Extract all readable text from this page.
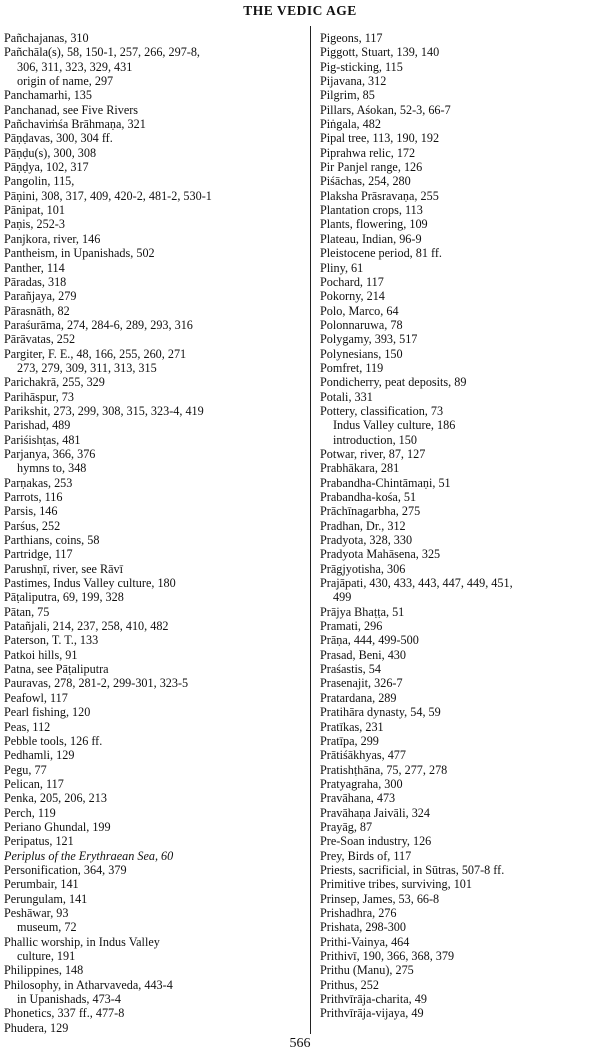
THE VEDIC AGE
Pañchajanas, 310
Pañchāla(s), 58, 150-1, 257, 266, 297-8,
306, 311, 323, 329, 431
origin of name, 297
Panchamarhi, 135
Panchanad, see Five Rivers
Pañchaviṁśa Brāhmaṇa, 321
Pāṇḍavas, 300, 304 ff.
Pāṇḍu(s), 300, 308
Pāṇḍya, 102, 317
Pangolin, 115,
Pāṇini, 308, 317, 409, 420-2, 481-2, 530-1
Pānipat, 101
Paṇis, 252-3
Panjkora, river, 146
Pantheism, in Upanishads, 502
Panther, 114
Pāradas, 318
Parañjaya, 279
Pārasnāth, 82
Paraśurāma, 274, 284-6, 289, 293, 316
Pārāvatas, 252
Pargiter, F. E., 48, 166, 255, 260, 271
273, 279, 309, 311, 313, 315
Parichakrā, 255, 329
Parihāspur, 73
Parikshit, 273, 299, 308, 315, 323-4, 419
Parishad, 489
Pariśishṭas, 481
Parjanya, 366, 376
hymns to, 348
Parṇakas, 253
Parrots, 116
Parsis, 146
Parśus, 252
Parthians, coins, 58
Partridge, 117
Parushṇī, river, see Rāvī
Pastimes, Indus Valley culture, 180
Pāṭaliputra, 69, 199, 328
Pātan, 75
Patañjali, 214, 237, 258, 410, 482
Paterson, T. T., 133
Patkoi hills, 91
Patna, see Pāṭaliputra
Pauravas, 278, 281-2, 299-301, 323-5
Peafowl, 117
Pearl fishing, 120
Peas, 112
Pebble tools, 126 ff.
Pedhamli, 129
Pegu, 77
Pelican, 117
Penka, 205, 206, 213
Perch, 119
Periano Ghundal, 199
Peripatus, 121
Periplus of the Erythraean Sea, 60
Personification, 364, 379
Perumbair, 141
Perungulam, 141
Peshāwar, 93
museum, 72
Phallic worship, in Indus Valley
culture, 191
Philippines, 148
Philosophy, in Atharvaveda, 443-4
in Upanishads, 473-4
Phonetics, 337 ff., 477-8
Phudera, 129
Pigeons, 117
Piggott, Stuart, 139, 140
Pig-sticking, 115
Pijavana, 312
Pilgrim, 85
Pillars, Aśokan, 52-3, 66-7
Piṅgala, 482
Pipal tree, 113, 190, 192
Piprahwa relic, 172
Pir Panjel range, 126
Piśāchas, 254, 280
Plaksha Prāsravaṇa, 255
Plantation crops, 113
Plants, flowering, 109
Plateau, Indian, 96-9
Pleistocene period, 81 ff.
Pliny, 61
Pochard, 117
Pokorny, 214
Polo, Marco, 64
Polonnaruwa, 78
Polygamy, 393, 517
Polynesians, 150
Pomfret, 119
Pondicherry, peat deposits, 89
Potali, 331
Pottery, classification, 73
Indus Valley culture, 186
introduction, 150
Potwar, river, 87, 127
Prabhākara, 281
Prabandha-Chintāmaṇi, 51
Prabandha-kośa, 51
Prāchīnagarbha, 275
Pradhan, Dr., 312
Pradyota, 328, 330
Pradyota Mahāsena, 325
Prāgjyotisha, 306
Prajāpati, 430, 433, 443, 447, 449, 451,
499
Prājya Bhaṭṭa, 51
Pramati, 296
Prāṇa, 444, 499-500
Prasad, Beni, 430
Praśastis, 54
Prasenajit, 326-7
Pratardana, 289
Pratihāra dynasty, 54, 59
Pratīkas, 231
Pratīpa, 299
Prātiśākhyas, 477
Pratishṭhāna, 75, 277, 278
Pratyagraha, 300
Pravāhana, 473
Pravāhaṇa Jaivāli, 324
Prayāg, 87
Pre-Soan industry, 126
Prey, Birds of, 117
Priests, sacrificial, in Sūtras, 507-8 ff.
Primitive tribes, surviving, 101
Prinsep, James, 53, 66-8
Prishadhra, 276
Prishata, 298-300
Prithi-Vainya, 464
Prithivī, 190, 366, 368, 379
Prithu (Manu), 275
Prithus, 252
Prithvīrāja-charita, 49
Prithvīrāja-vijaya, 49
566
